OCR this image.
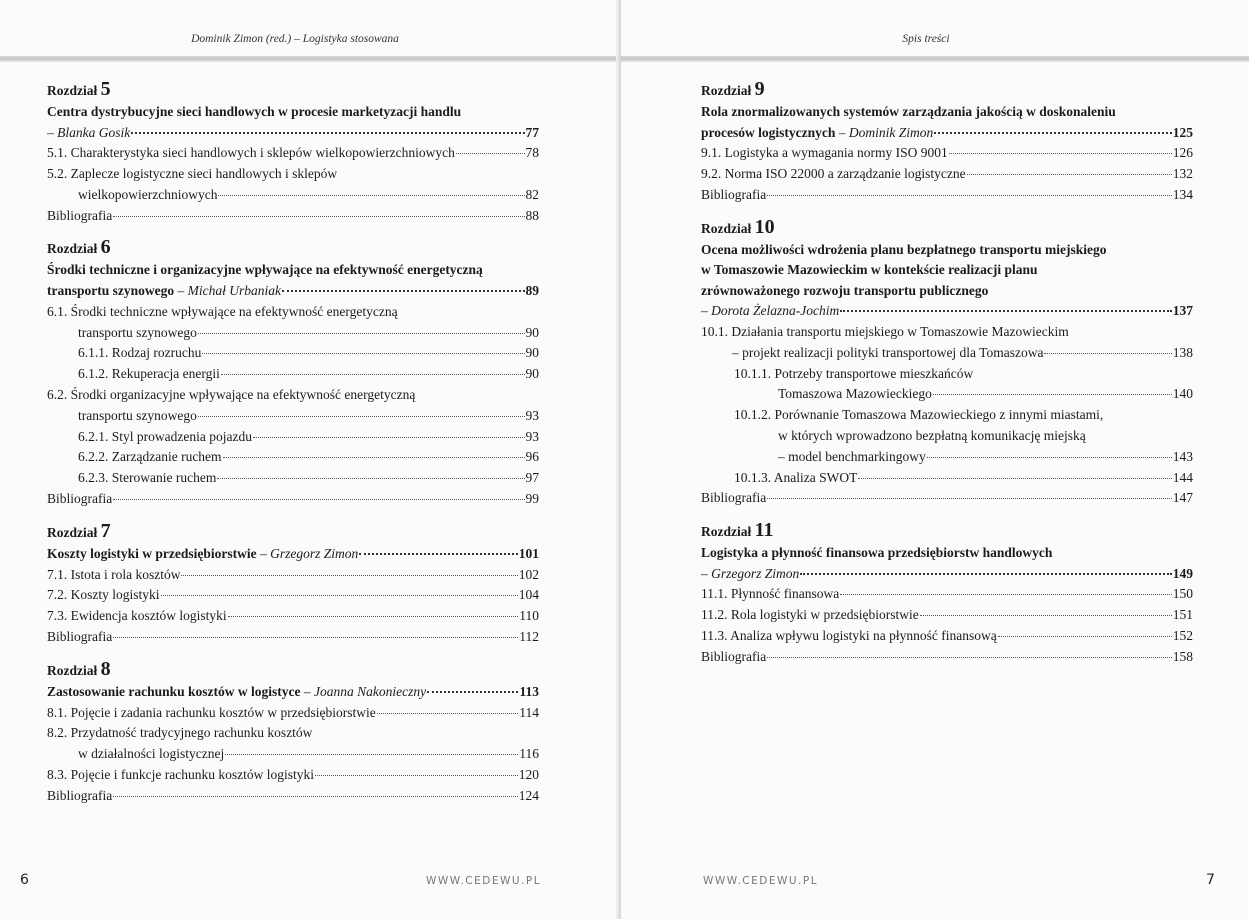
Dominik Zimon (red.) – Logistyka stosowana
Rozdział 5
Centra dystrybucyjne sieci handlowych w procesie marketyzacji handlu
– Blanka Gosik	77
5.1. Charakterystyka sieci handlowych i sklepów wielkopowierzchniowych	78
5.2. Zaplecze logistyczne sieci handlowych i sklepów
wielkopowierzchniowych	82
Bibliografia	88
Rozdział 6
Środki techniczne i organizacyjne wpływające na efektywność energetyczną
transportu szynowego – Michał Urbaniak	89
6.1. Środki techniczne wpływające na efektywność energetyczną
transportu szynowego	90
6.1.1. Rodzaj rozruchu	90
6.1.2. Rekuperacja energii	90
6.2. Środki organizacyjne wpływające na efektywność energetyczną
transportu szynowego	93
6.2.1. Styl prowadzenia pojazdu	93
6.2.2. Zarządzanie ruchem	96
6.2.3. Sterowanie ruchem	97
Bibliografia	99
Rozdział 7
Koszty logistyki w przedsiębiorstwie – Grzegorz Zimon	101
7.1. Istota i rola kosztów	102
7.2. Koszty logistyki	104
7.3. Ewidencja kosztów logistyki	110
Bibliografia	112
Rozdział 8
Zastosowanie rachunku kosztów w logistyce – Joanna Nakonieczny	113
8.1. Pojęcie i zadania rachunku kosztów w przedsiębiorstwie	114
8.2. Przydatność tradycyjnego rachunku kosztów
w działalności logistycznej	116
8.3. Pojęcie i funkcje rachunku kosztów logistyki	120
Bibliografia	124
6	WWW.CEDEWU.PL
Spis treści
Rozdział 9
Rola znormalizowanych systemów zarządzania jakością w doskonaleniu
procesów logistycznych – Dominik Zimon	125
9.1. Logistyka a wymagania normy ISO 9001	126
9.2. Norma ISO 22000 a zarządzanie logistyczne	132
Bibliografia	134
Rozdział 10
Ocena możliwości wdrożenia planu bezpłatnego transportu miejskiego
w Tomaszowie Mazowieckim w kontekście realizacji planu
zrównoważonego rozwoju transportu publicznego
– Dorota Żelazna-Jochim	137
10.1. Działania transportu miejskiego w Tomaszowie Mazowieckim
– projekt realizacji polityki transportowej dla Tomaszowa	138
10.1.1. Potrzeby transportowe mieszkańców
Tomaszowa Mazowieckiego	140
10.1.2. Porównanie Tomaszowa Mazowieckiego z innymi miastami,
w których wprowadzono bezpłatną komunikację miejską
– model benchmarkingowy	143
10.1.3. Analiza SWOT	144
Bibliografia	147
Rozdział 11
Logistyka a płynność finansowa przedsiębiorstw handlowych
– Grzegorz Zimon	149
11.1. Płynność finansowa	150
11.2. Rola logistyki w przedsiębiorstwie	151
11.3. Analiza wpływu logistyki na płynność finansową	152
Bibliografia	158
WWW.CEDEWU.PL	7
